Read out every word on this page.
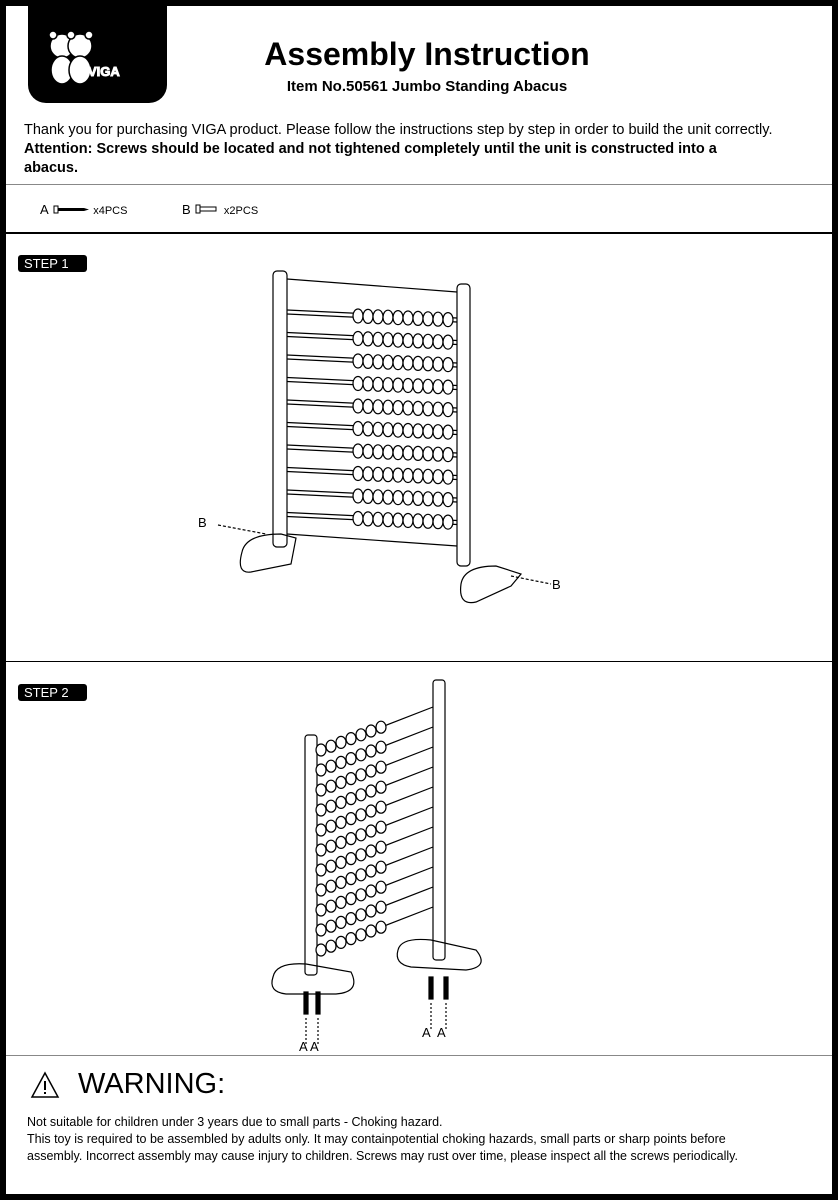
VIGA	Assembly Instruction
Item No.50561 Jumbo Standing Abacus
Thank you for purchasing VIGA product. Please follow the instructions step by step in order to build the unit correctly.
Attention: Screws should be located and not tightened completely until the unit is constructed into a
abacus.
A	x4PCS	B	x2PCS
STEP 1
B
B
STEP 2
A A
A A
WARNING:
Not suitable for children under 3 years due to small parts - Choking hazard.
This toy is required to be assembled by adults only. It may containpotential choking hazards, small parts or sharp points before
assembly. Incorrect assembly may cause injury to children. Screws may rust over time, please inspect all the screws periodically.
